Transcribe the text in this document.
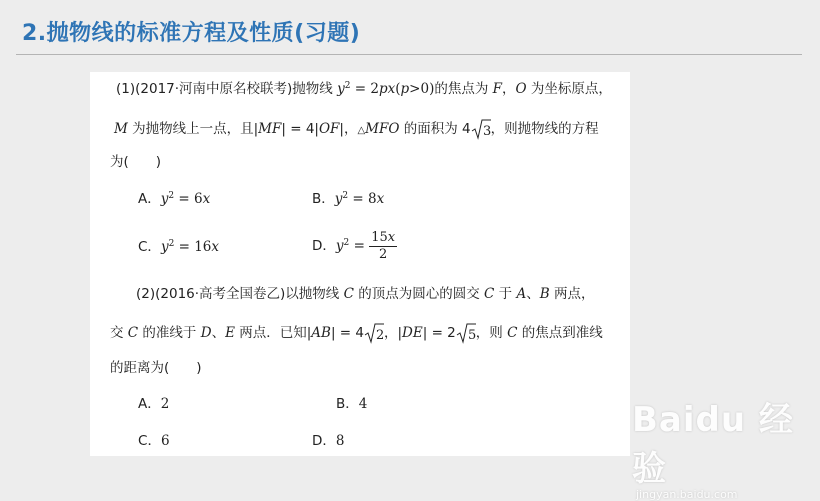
2.抛物线的标准方程及性质(习题)
(1)(2017·河南中原名校联考)抛物线 $y^2 = 2px(p>0)$的焦点为 F，O 为坐标原点，
M 为抛物线上一点，且|MF| = 4|OF|，△MFO 的面积为 4 3 ，则抛物线的方程
为(　　)
A．$y^2 = 6x$	B．$y^2 = 8x$
C．$y^2 = 16x$	D．$y^2 = \frac{15x}{2}$
(2)(2016·高考全国卷乙)以抛物线 C 的顶点为圆心的圆交 C 于 A、B 两点，
交 C 的准线于 D、E 两点．已知|AB| = 4 2 ，|DE| = 2 5 ，则 C 的焦点到准线
的距离为(　　)
A．2	B．4
C．6	D．8
Baidu 经验
jingyan.baidu.com
